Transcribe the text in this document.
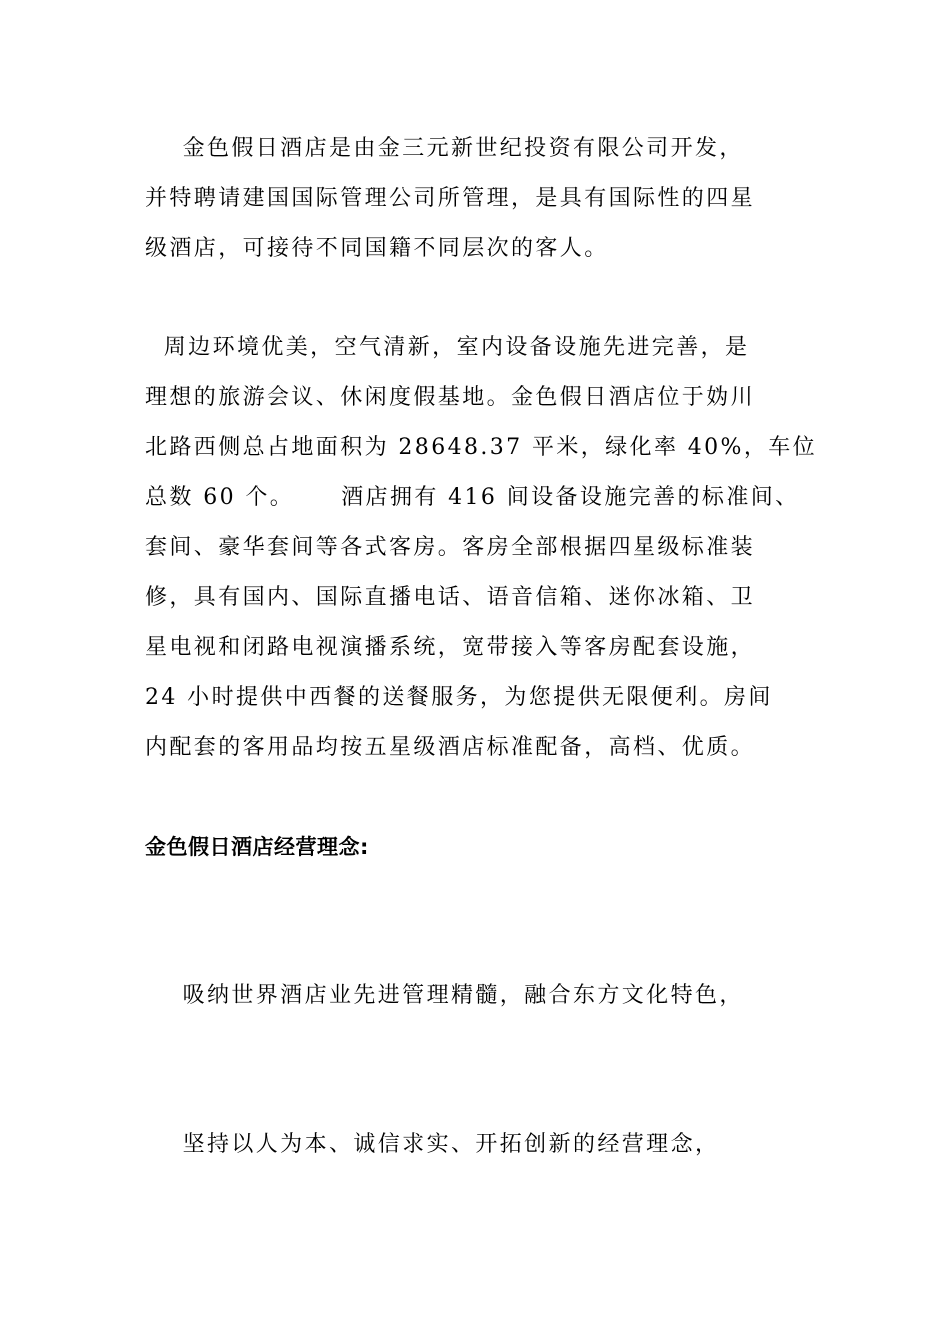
金色假日酒店是由金三元新世纪投资有限公司开发，
并特聘请建国国际管理公司所管理，是具有国际性的四星
级酒店，可接待不同国籍不同层次的客人。

周边环境优美，空气清新，室内设备设施先进完善，是
理想的旅游会议、休闲度假基地。金色假日酒店位于妫川
北路西侧总占地面积为 28648.37 平米，绿化率 40%，车位
总数 60 个。     酒店拥有 416 间设备设施完善的标准间、
套间、豪华套间等各式客房。客房全部根据四星级标准装
修，具有国内、国际直播电话、语音信箱、迷你冰箱、卫
星电视和闭路电视演播系统，宽带接入等客房配套设施，
24 小时提供中西餐的送餐服务，为您提供无限便利。房间
内配套的客用品均按五星级酒店标准配备，高档、优质。

金色假日酒店经营理念:

吸纳世界酒店业先进管理精髓，融合东方文化特色，

坚持以人为本、诚信求实、开拓创新的经营理念，
